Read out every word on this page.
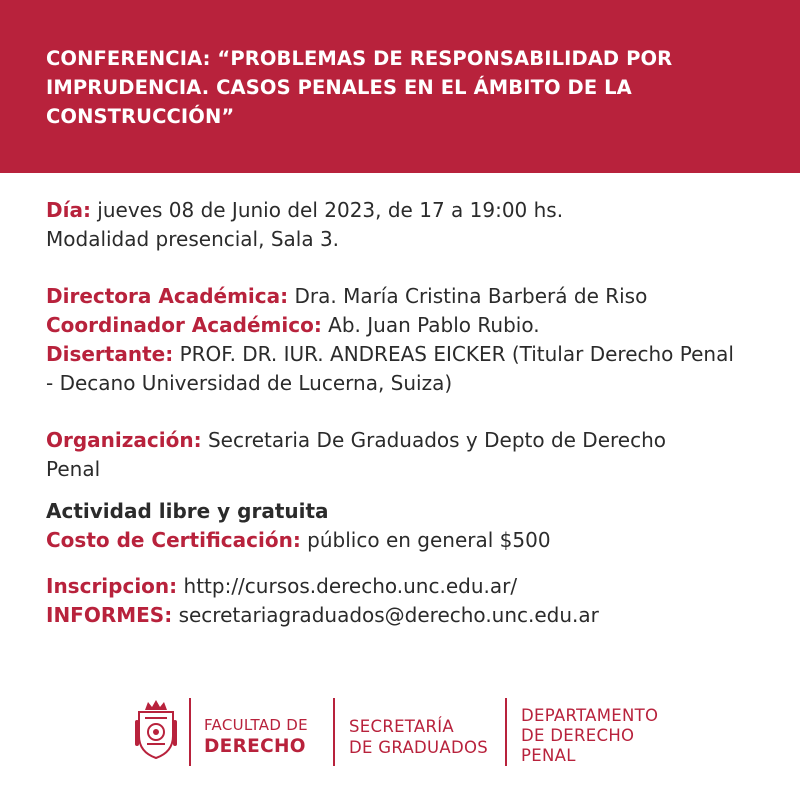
CONFERENCIA: “PROBLEMAS DE RESPONSABILIDAD POR IMPRUDENCIA. CASOS PENALES EN EL ÁMBITO DE LA CONSTRUCCIÓN”

Día: jueves 08 de Junio del 2023, de 17 a 19:00 hs.

Modalidad presencial, Sala 3.

Directora Académica: Dra. María Cristina Barberá de Riso

Coordinador Académico: Ab. Juan Pablo Rubio.

Disertante: PROF. DR. IUR. ANDREAS EICKER (Titular Derecho Penal - Decano Universidad de Lucerna, Suiza)

Organización: Secretaria De Graduados y Depto de Derecho Penal

Actividad libre y gratuita

Costo de Certificación: público en general $500

Inscripcion: http://cursos.derecho.unc.edu.ar/

INFORMES: secretariagraduados@derecho.unc.edu.ar

FACULTAD DE
DERECHO
SECRETARÍA
DE GRADUADOS
DEPARTAMENTO
DE DERECHO
PENAL
